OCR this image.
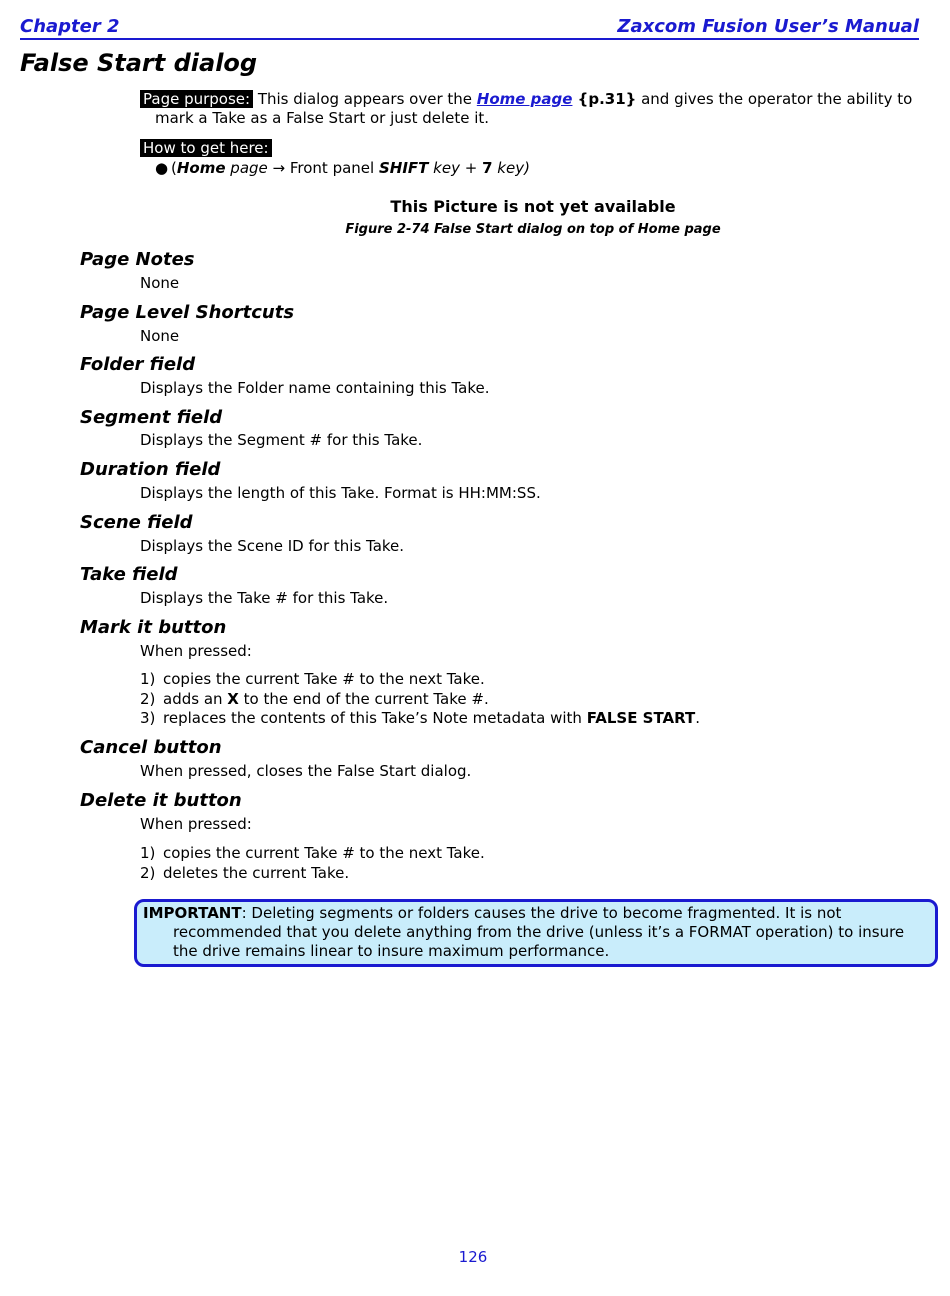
Chapter 2	Zaxcom Fusion User’s Manual
False Start dialog
Page purpose: This dialog appears over the Home page {p.31} and gives the operator the ability to mark a Take as a False Start or just delete it.
How to get here:
● (Home page → Front panel SHIFT key + 7 key)
This Picture is not yet available
Figure 2-74 False Start dialog on top of Home page
Page Notes
None
Page Level Shortcuts
None
Folder field
Displays the Folder name containing this Take.
Segment field
Displays the Segment # for this Take.
Duration field
Displays the length of this Take. Format is HH:MM:SS.
Scene field
Displays the Scene ID for this Take.
Take field
Displays the Take # for this Take.
Mark it button
When pressed:
1) copies the current Take # to the next Take.
2) adds an X to the end of the current Take #.
3) replaces the contents of this Take’s Note metadata with FALSE START.
Cancel button
When pressed, closes the False Start dialog.
Delete it button
When pressed:
1) copies the current Take # to the next Take.
2) deletes the current Take.
IMPORTANT: Deleting segments or folders causes the drive to become fragmented. It is not recommended that you delete anything from the drive (unless it’s a FORMAT operation) to insure the drive remains linear to insure maximum performance.
126
